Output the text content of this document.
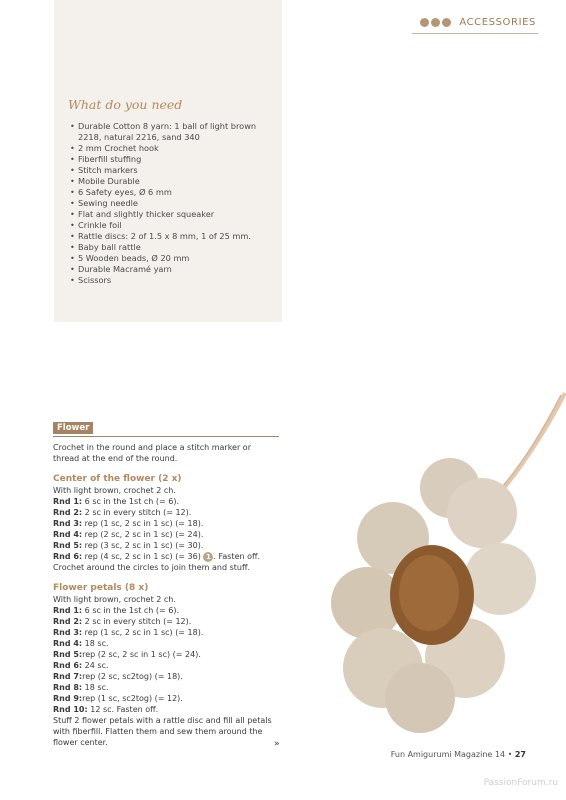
ACCESSORIES
What do you need
• Durable Cotton 8 yarn: 1 ball of light brown 2218, natural 2216, sand 340
• 2 mm Crochet hook
• Fiberfill stuffing
• Stitch markers
• Mobile Durable
• 6 Safety eyes, Ø 6 mm
• Sewing needle
• Flat and slightly thicker squeaker
• Crinkle foil
• Rattle discs: 2 of 1.5 x 8 mm, 1 of 25 mm.
• Baby ball rattle
• 5 Wooden beads, Ø 20 mm
• Durable Macramé yarn
• Scissors
Flower

Crochet in the round and place a stitch marker or thread at the end of the round.

Center of the flower (2 x)

With light brown, crochet 2 ch.

Rnd 1: 6 sc in the 1st ch (= 6).

Rnd 2: 2 sc in every stitch (= 12).

Rnd 3: rep (1 sc, 2 sc in 1 sc) (= 18).

Rnd 4: rep (2 sc, 2 sc in 1 sc) (= 24).

Rnd 5: rep (3 sc, 2 sc in 1 sc) (= 30).

Rnd 6: rep (4 sc, 2 sc in 1 sc) (= 36) 1 . Fasten off.

Crochet around the circles to join them and stuff.

Flower petals (8 x)

With light brown, crochet 2 ch.

Rnd 1: 6 sc in the 1st ch (= 6).

Rnd 2: 2 sc in every stitch (= 12).

Rnd 3: rep (1 sc, 2 sc in 1 sc) (= 18).

Rnd 4: 18 sc.

Rnd 5:rep (2 sc, 2 sc in 1 sc) (= 24).

Rnd 6: 24 sc.

Rnd 7:rep (2 sc, sc2tog) (= 18).

Rnd 8: 18 sc.

Rnd 9:rep (1 sc, sc2tog) (= 12).

Rnd 10: 12 sc. Fasten off.

Stuff 2 flower petals with a rattle disc and fill all petals with fiberfill. Flatten them and sew them around the flower center.	»
Fun Amigurumi Magazine 14 • 27
PassionForum.ru
